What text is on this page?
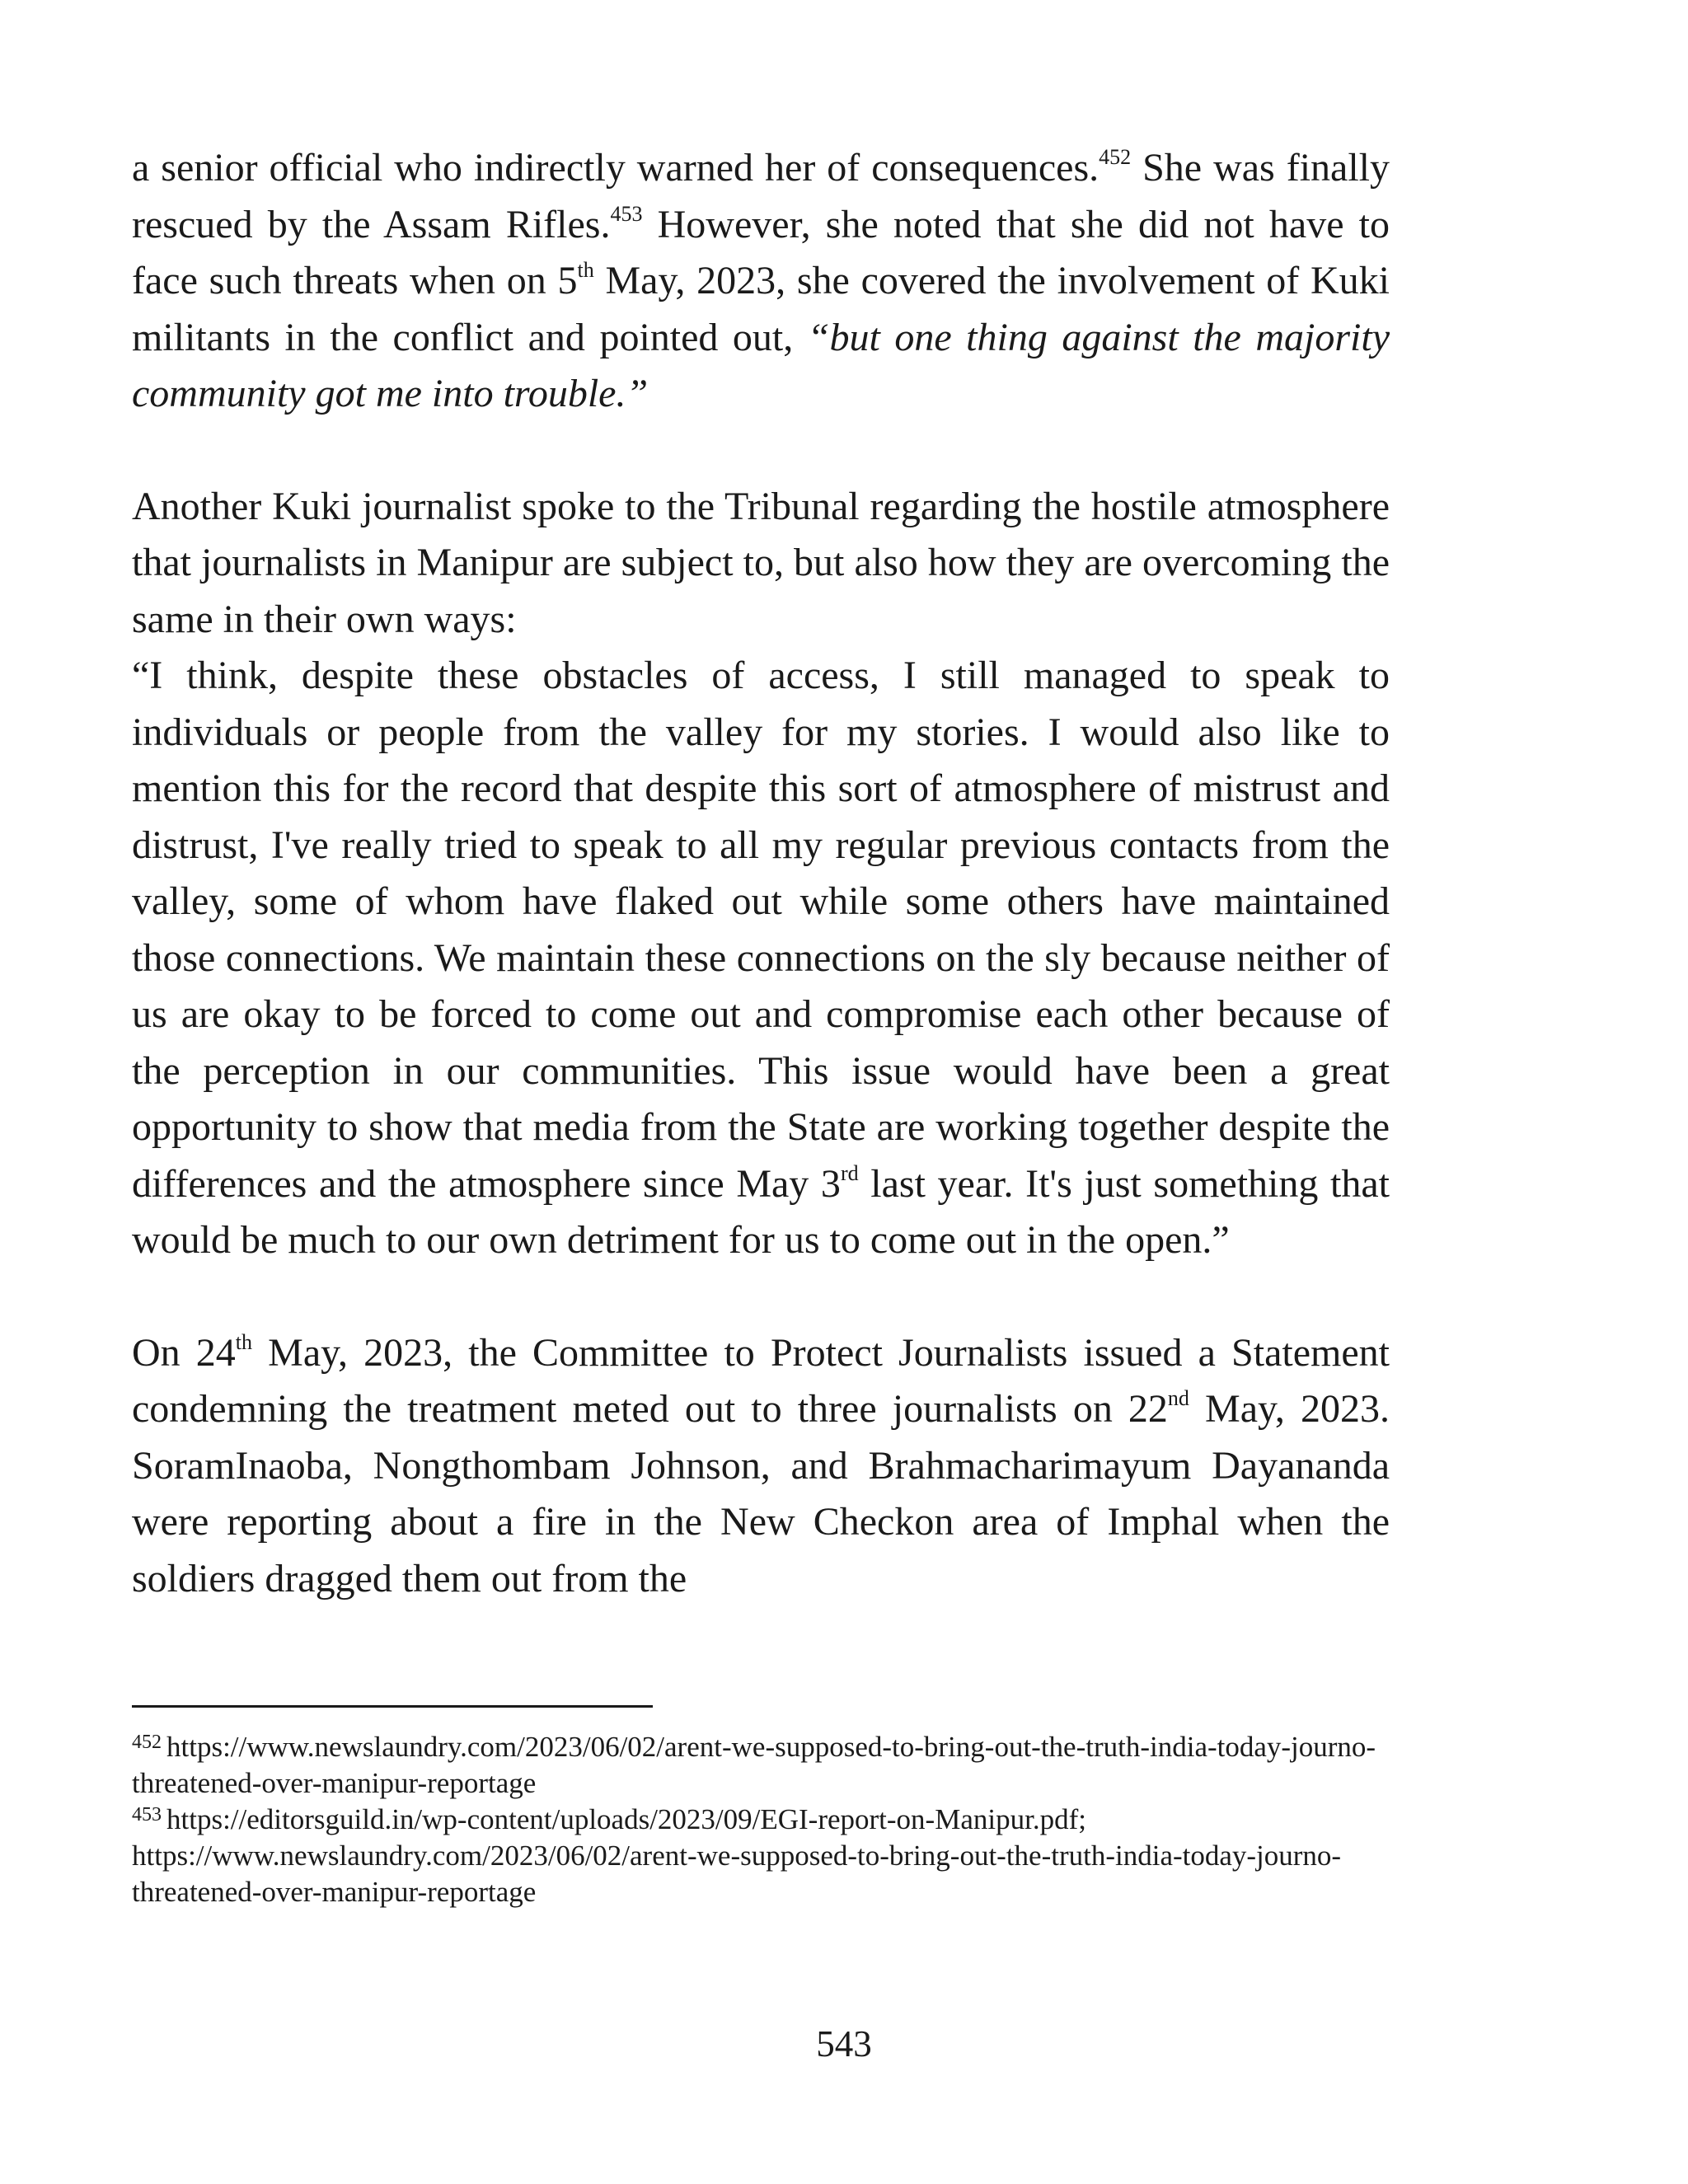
a senior official who indirectly warned her of consequences.$^{452}$ She was finally rescued by the Assam Rifles.$^{453}$ However, she noted that she did not have to face such threats when on 5th May, 2023, she covered the involvement of Kuki militants in the conflict and pointed out, “but one thing against the majority community got me into trouble.”

Another Kuki journalist spoke to the Tribunal regarding the hostile atmosphere that journalists in Manipur are subject to, but also how they are overcoming the same in their own ways:

“I think, despite these obstacles of access, I still managed to speak to individuals or people from the valley for my stories. I would also like to mention this for the record that despite this sort of atmosphere of mistrust and distrust, I've really tried to speak to all my regular previous contacts from the valley, some of whom have flaked out while some others have maintained those connections. We maintain these connections on the sly because neither of us are okay to be forced to come out and compromise each other because of the perception in our communities. This issue would have been a great opportunity to show that media from the State are working together despite the differences and the atmosphere since May 3rd last year. It's just something that would be much to our own detriment for us to come out in the open.”

On 24th May, 2023, the Committee to Protect Journalists issued a Statement condemning the treatment meted out to three journalists on 22nd May, 2023. SoramInaoba, Nongthombam Johnson, and Brahmacharimayum Dayananda were reporting about a fire in the New Checkon area of Imphal when the soldiers dragged them out from the

$^{452}$ https://www.newslaundry.com/2023/06/02/arent-we-supposed-to-bring-out-the-truth-india-today-journo-threatened-over-manipur-reportage

$^{453}$ https://editorsguild.in/wp-content/uploads/2023/09/EGI-report-on-Manipur.pdf; https://www.newslaundry.com/2023/06/02/arent-we-supposed-to-bring-out-the-truth-india-today-journo-threatened-over-manipur-reportage

543
